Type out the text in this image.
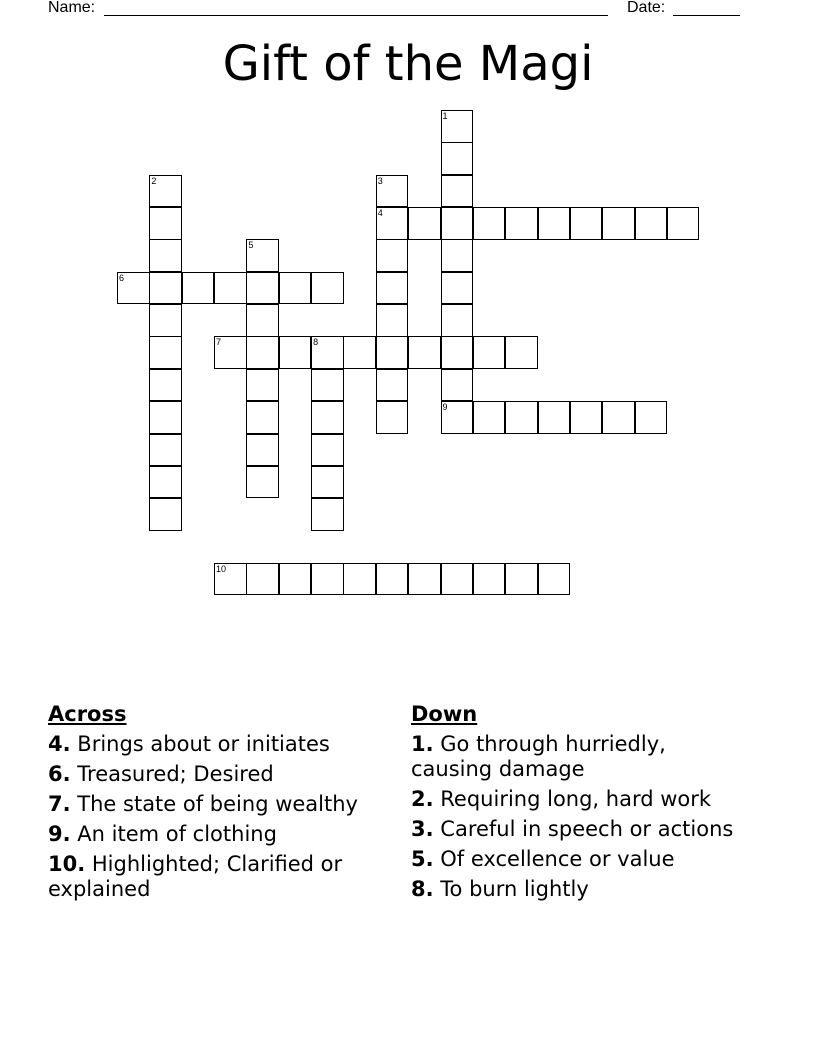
Name:	Date:
Gift of the Magi
1
9
2	3
4
5
6
7	8
10
Across
4. Brings about or initiates
6. Treasured; Desired
7. The state of being wealthy
9. An item of clothing
10. Highlighted; Clarified or explained
Down
1. Go through hurriedly, causing damage
2. Requiring long, hard work
3. Careful in speech or actions
5. Of excellence or value
8. To burn lightly
